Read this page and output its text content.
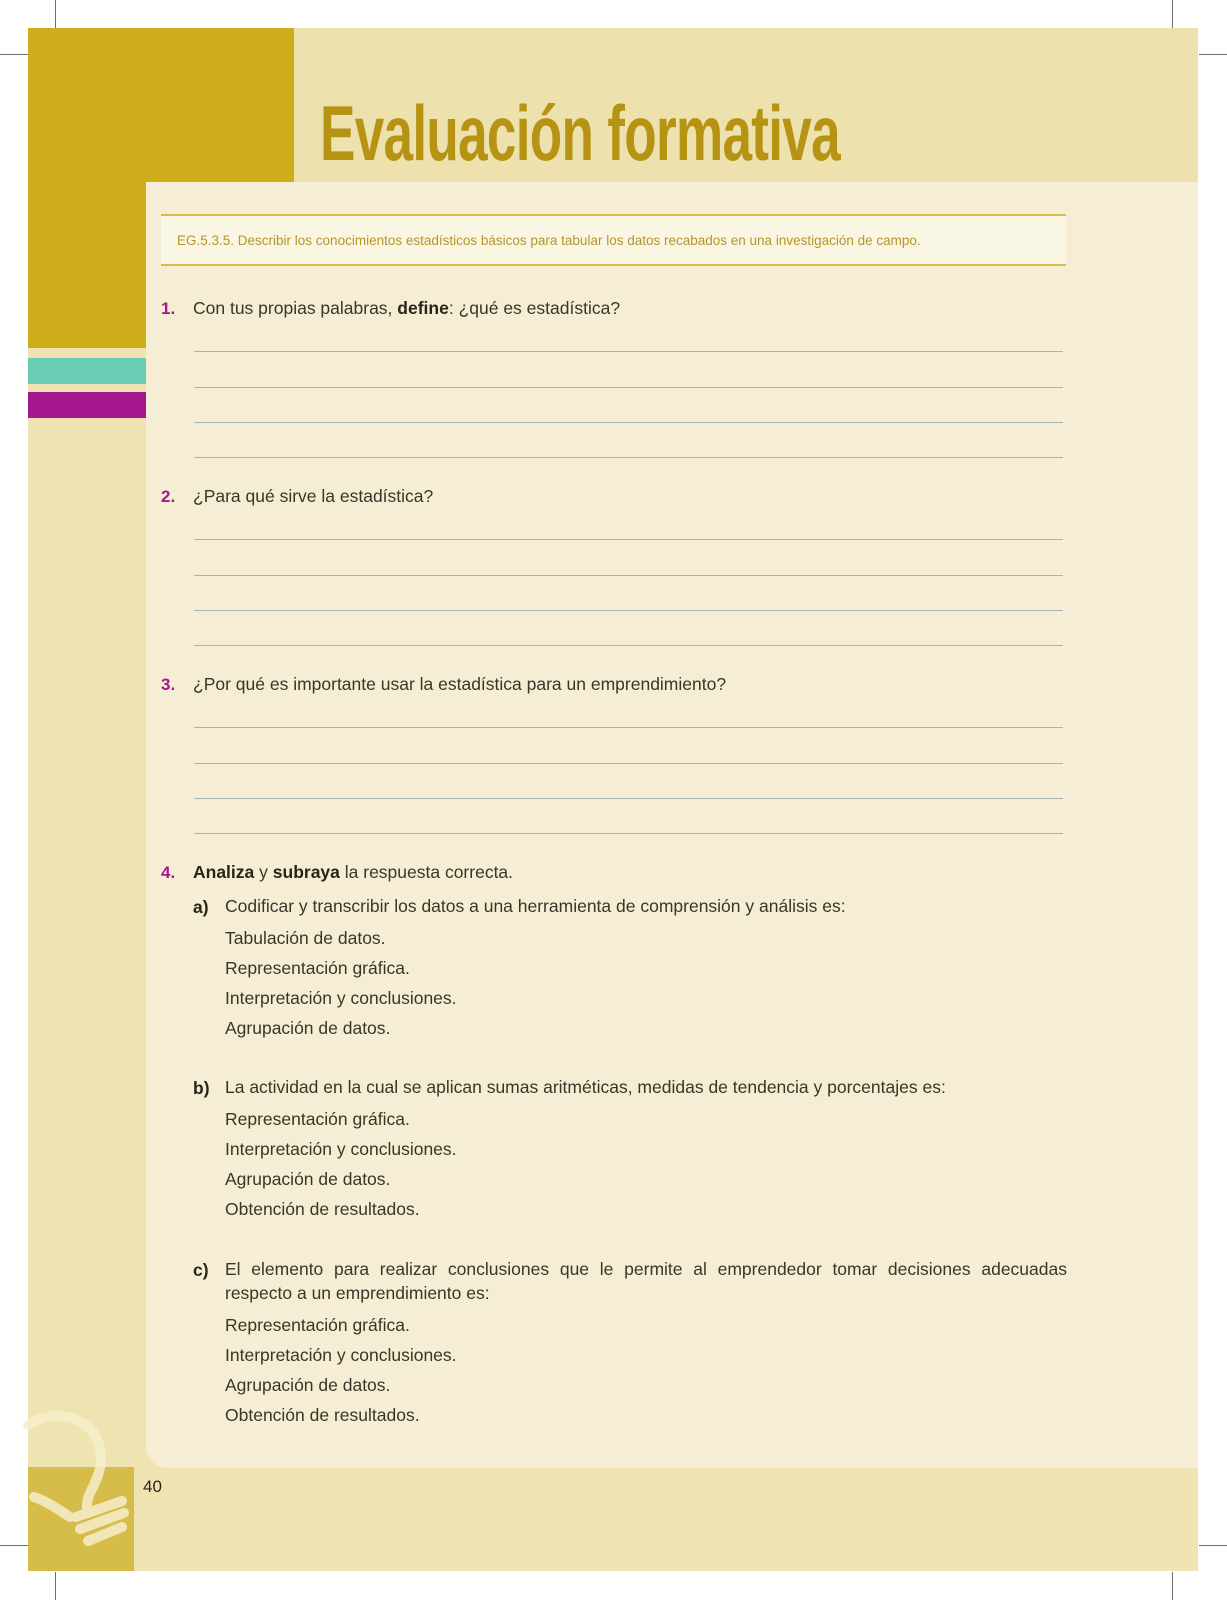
Evaluación formativa
EG.5.3.5. Describir los conocimientos estadísticos básicos para tabular los datos recabados en una investigación de campo.
1. Con tus propias palabras, define: ¿qué es estadística?
2. ¿Para qué sirve la estadística?
3. ¿Por qué es importante usar la estadística para un emprendimiento?
4. Analiza y subraya la respuesta correcta.
a) Codificar y transcribir los datos a una herramienta de comprensión y análisis es:
Tabulación de datos.
Representación gráfica.
Interpretación y conclusiones.
Agrupación de datos.
b) La actividad en la cual se aplican sumas aritméticas, medidas de tendencia y porcentajes es:
Representación gráfica.
Interpretación y conclusiones.
Agrupación de datos.
Obtención de resultados.
c) El elemento para realizar conclusiones que le permite al emprendedor tomar decisiones adecuadas respecto a un emprendimiento es:
Representación gráfica.
Interpretación y conclusiones.
Agrupación de datos.
Obtención de resultados.
40
